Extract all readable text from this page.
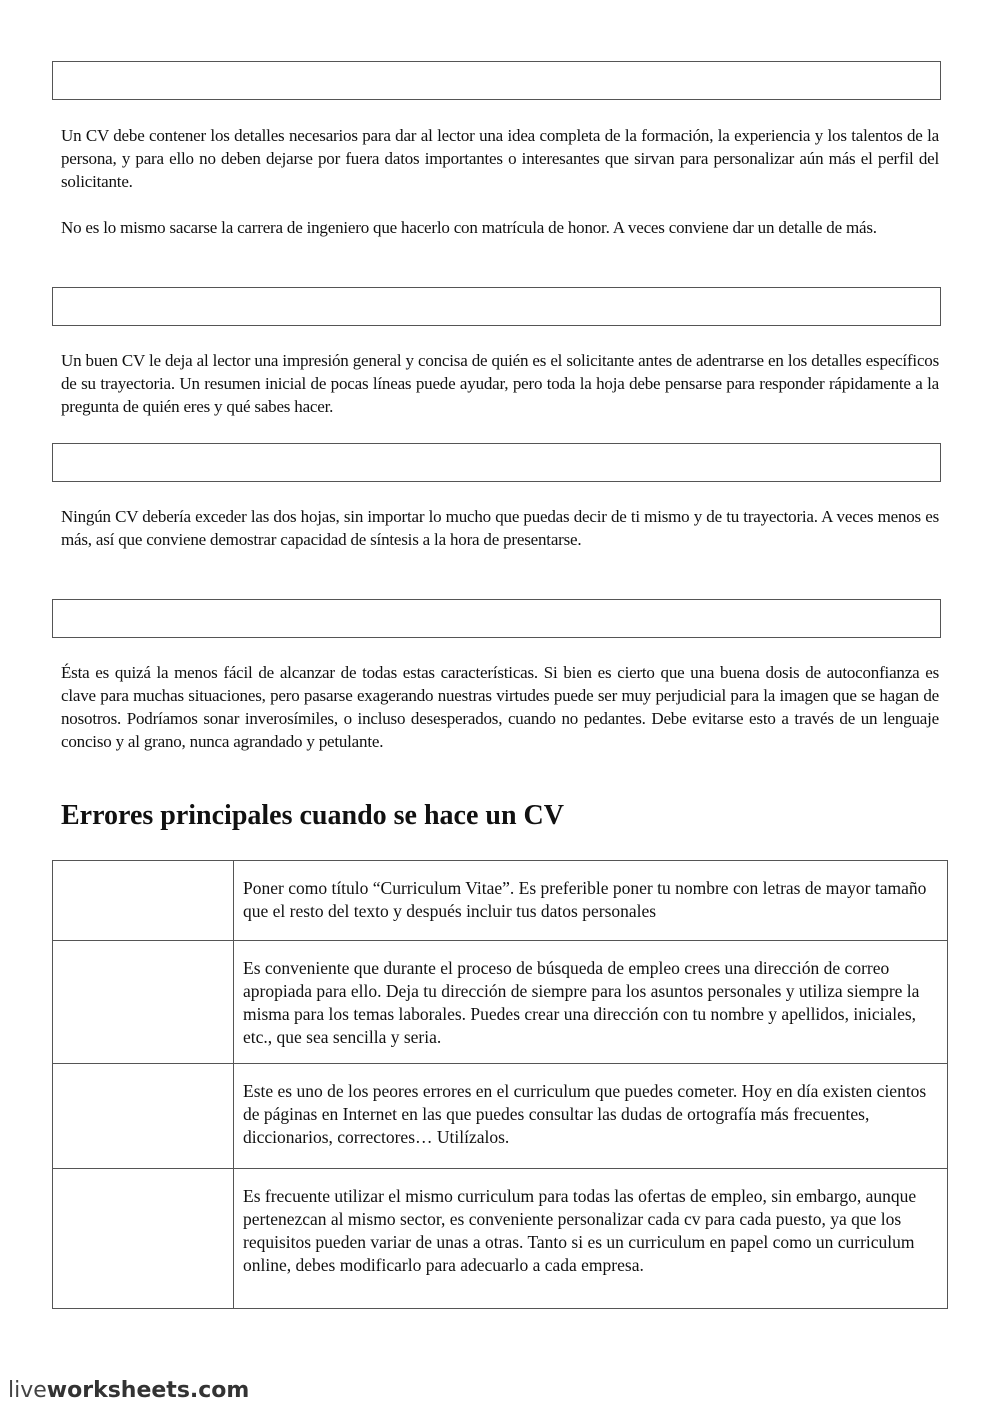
Un CV debe contener los detalles necesarios para dar al lector una idea completa de la formación, la experiencia y los talentos de la persona, y para ello no deben dejarse por fuera datos importantes o interesantes que sirvan para personalizar aún más el perfil del solicitante.

No es lo mismo sacarse la carrera de ingeniero que hacerlo con matrícula de honor. A veces conviene dar un detalle de más.

Un buen CV le deja al lector una impresión general y concisa de quién es el solicitante antes de adentrarse en los detalles específicos de su trayectoria. Un resumen inicial de pocas líneas puede ayudar, pero toda la hoja debe pensarse para responder rápidamente a la pregunta de quién eres y qué sabes hacer.

Ningún CV debería exceder las dos hojas, sin importar lo mucho que puedas decir de ti mismo y de tu trayectoria. A veces menos es más, así que conviene demostrar capacidad de síntesis a la hora de presentarse.

Ésta es quizá la menos fácil de alcanzar de todas estas características. Si bien es cierto que una buena dosis de autoconfianza es clave para muchas situaciones, pero pasarse exagerando nuestras virtudes puede ser muy perjudicial para la imagen que se hagan de nosotros. Podríamos sonar inverosímiles, o incluso desesperados, cuando no pedantes. Debe evitarse esto a través de un lenguaje conciso y al grano, nunca agrandado y petulante.

Errores principales cuando se hace un CV
	Poner como título “Curriculum Vitae”. Es preferible poner tu nombre con letras de mayor tamaño que el resto del texto y después incluir tus datos personales
	Es conveniente que durante el proceso de búsqueda de empleo crees una dirección de correo apropiada para ello. Deja tu dirección de siempre para los asuntos personales y utiliza siempre la misma para los temas laborales. Puedes crear una dirección con tu nombre y apellidos, iniciales, etc., que sea sencilla y seria.
	Este es uno de los peores errores en el curriculum que puedes cometer. Hoy en día existen cientos de páginas en Internet en las que puedes consultar las dudas de ortografía más frecuentes, diccionarios, correctores… Utilízalos.
	Es frecuente utilizar el mismo curriculum para todas las ofertas de empleo, sin embargo, aunque pertenezcan al mismo sector, es conveniente personalizar cada cv para cada puesto, ya que los requisitos pueden variar de unas a otras. Tanto si es un curriculum en papel como un curriculum online, debes modificarlo para adecuarlo a cada empresa.
liveworksheets.com
